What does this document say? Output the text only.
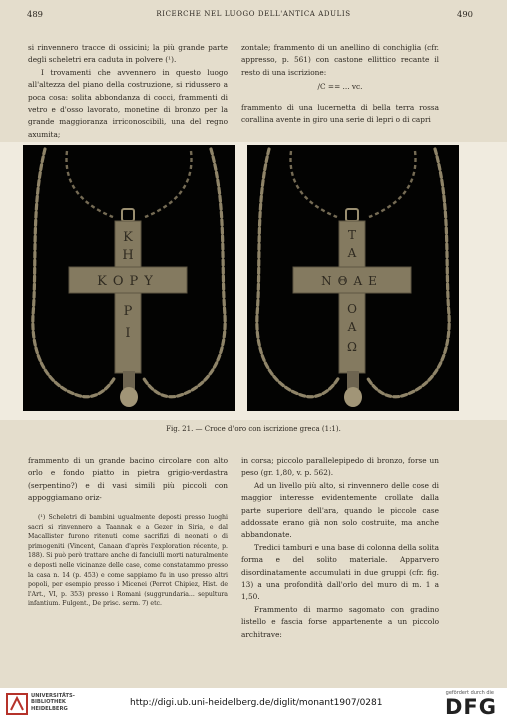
489	RICERCHE NEL LUOGO DELL'ANTICA ADULIS	490

si rinvennero tracce di ossicini; la più grande parte degli scheletri era caduta in polvere (¹).

I trovamenti che avvennero in questo luogo all'altezza del piano della costruzione, si ridussero a poca cosa: solita abbondanza di cocci, frammenti di vetro e d'osso lavorato, monetine di bronzo per la grande maggioranza irriconoscibili, una del regno axumita;

zontale; frammento di un anellino di conchiglia (cfr. appresso, p. 561) con castone ellittico recante il resto di una iscrizione:

/C == ... vc.

frammento di una lucernetta di bella terra rossa corallina avente in giro una serie di lepri o di capri

Κ
Η
Ρ
Ι
ΚΟΡΥ
Τ
Α
Ο
Α
Ω
ΝΘΑΕ
Fig. 21. — Croce d'oro con iscrizione greca (1:1).

frammento di un grande bacino circolare con alto orlo e fondo piatto in pietra grigio-verdastra (serpentino?) e di vasi simili più piccoli con appoggiamano oriz-

(¹) Scheletri di bambini ugualmente deposti presso luoghi sacri si rinvennero a Taannak e a Gezer in Siria, e dal Macallister furono ritenuti come sacrifizi di neonati o di primogeniti (Vincent, Canaan d'après l'exploration récente, p. 188). Si può però trattare anche di fanciulli morti naturalmente e deposti nelle vicinanze delle case, come constatammo presso la casa n. 14 (p. 453) e come sappiamo fu in uso presso altri popoli, per esempio presso i Micenei (Perrot Chipiez, Hist. de l'Art., VI, p. 353) presso i Romani (suggrundaria... sepultura infantium. Fulgent., De prisc. serm. 7) etc.

in corsa; piccolo parallelepipedo di bronzo, forse un peso (gr. 1,80, v. p. 562).

Ad un livello più alto, si rinvennero delle cose di maggior interesse evidentemente crollate dalla parte superiore dell'ara, quando le piccole case addossate erano già non solo costruite, ma anche abbandonate.

Tredici tamburi e una base di colonna della solita forma e del solito materiale. Apparvero disordinatamente accumulati in due gruppi (cfr. fig. 13) a una profondità dall'orlo del muro di m. 1 a 1,50.

Frammento di marmo sagomato con gradino listello e fascia forse appartenente a un piccolo architrave:

UNIVERSITÄTS-
BIBLIOTHEK
HEIDELBERG
http://digi.ub.uni-heidelberg.de/diglit/monant1907/0281
gefördert durch die
DFG
